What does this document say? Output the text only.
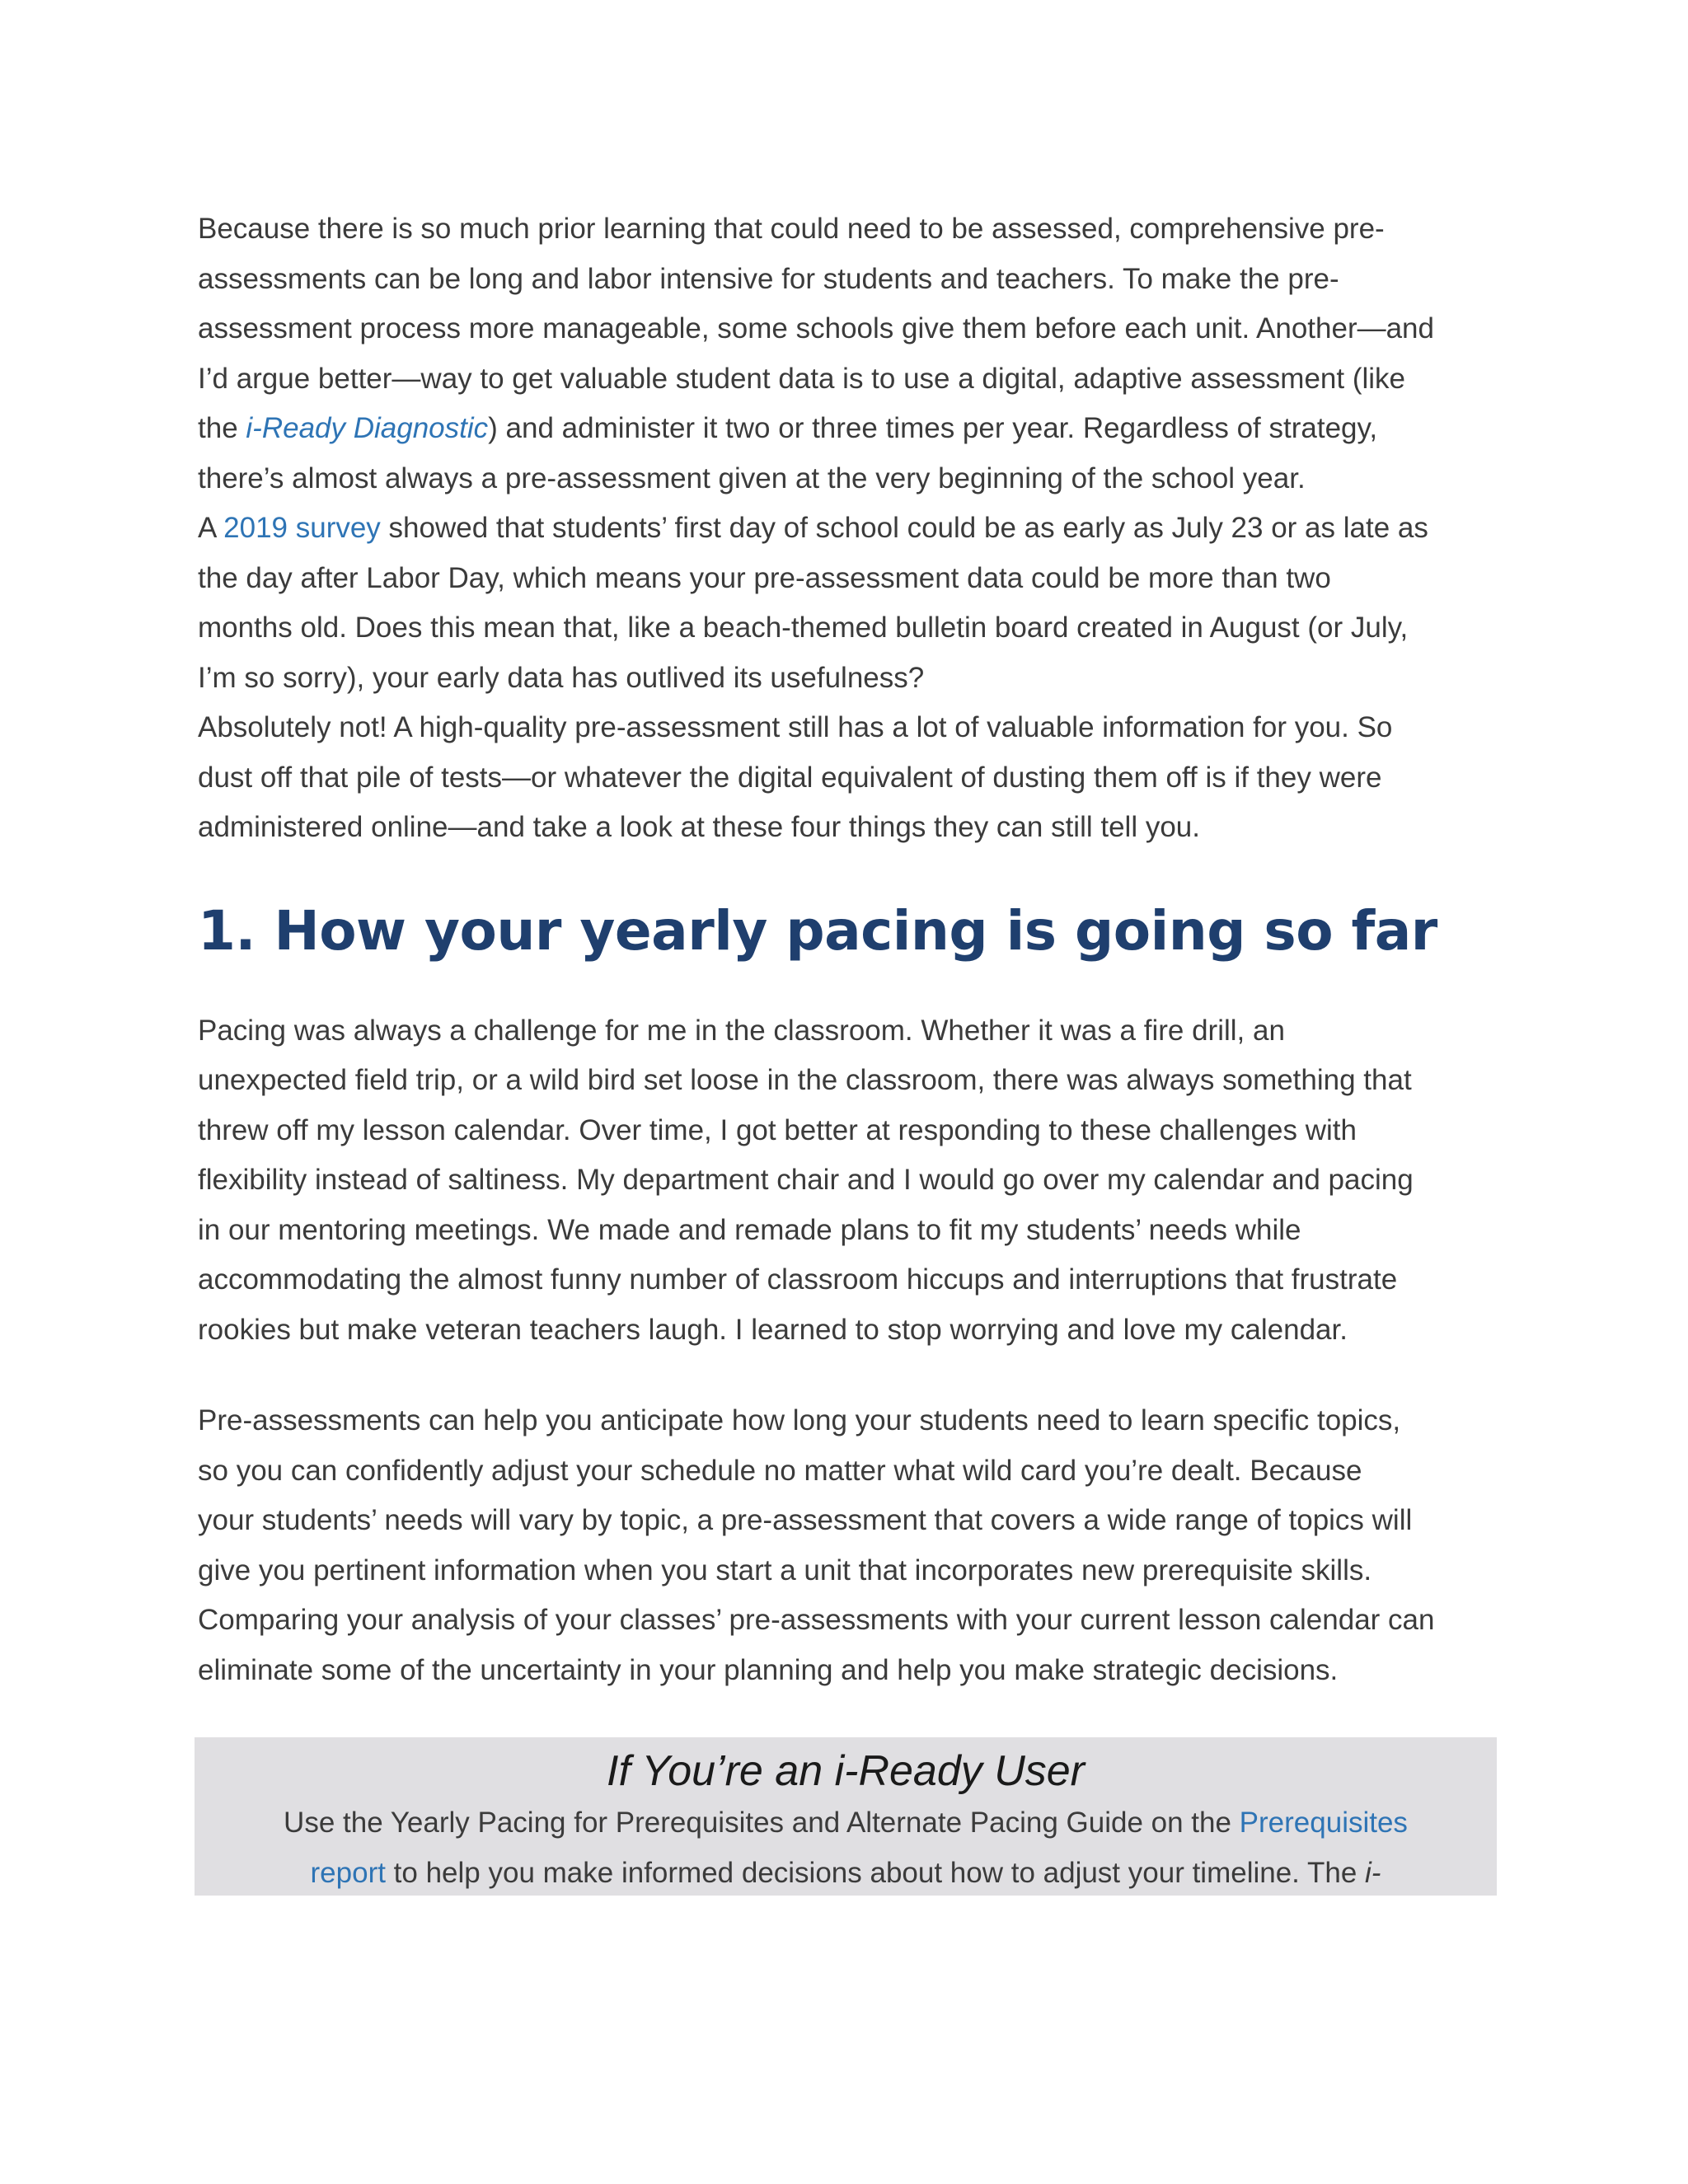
Because there is so much prior learning that could need to be assessed, comprehensive pre-

assessments can be long and labor intensive for students and teachers. To make the pre-

assessment process more manageable, some schools give them before each unit. Another—and

I’d argue better—way to get valuable student data is to use a digital, adaptive assessment (like

the i-Ready Diagnostic) and administer it two or three times per year. Regardless of strategy,

there’s almost always a pre-assessment given at the very beginning of the school year.

A 2019 survey showed that students’ first day of school could be as early as July 23 or as late as

the day after Labor Day, which means your pre-assessment data could be more than two

months old. Does this mean that, like a beach-themed bulletin board created in August (or July,

I’m so sorry), your early data has outlived its usefulness?

Absolutely not! A high-quality pre-assessment still has a lot of valuable information for you. So

dust off that pile of tests—or whatever the digital equivalent of dusting them off is if they were

administered online—and take a look at these four things they can still tell you.

1. How your yearly pacing is going so far

Pacing was always a challenge for me in the classroom. Whether it was a fire drill, an

unexpected field trip, or a wild bird set loose in the classroom, there was always something that

threw off my lesson calendar. Over time, I got better at responding to these challenges with

flexibility instead of saltiness. My department chair and I would go over my calendar and pacing

in our mentoring meetings. We made and remade plans to fit my students’ needs while

accommodating the almost funny number of classroom hiccups and interruptions that frustrate

rookies but make veteran teachers laugh. I learned to stop worrying and love my calendar.

Pre-assessments can help you anticipate how long your students need to learn specific topics,

so you can confidently adjust your schedule no matter what wild card you’re dealt. Because

your students’ needs will vary by topic, a pre-assessment that covers a wide range of topics will

give you pertinent information when you start a unit that incorporates new prerequisite skills.

Comparing your analysis of your classes’ pre-assessments with your current lesson calendar can

eliminate some of the uncertainty in your planning and help you make strategic decisions.

If You’re an i-Ready User

Use the Yearly Pacing for Prerequisites and Alternate Pacing Guide on the Prerequisites

report to help you make informed decisions about how to adjust your timeline. The i-
